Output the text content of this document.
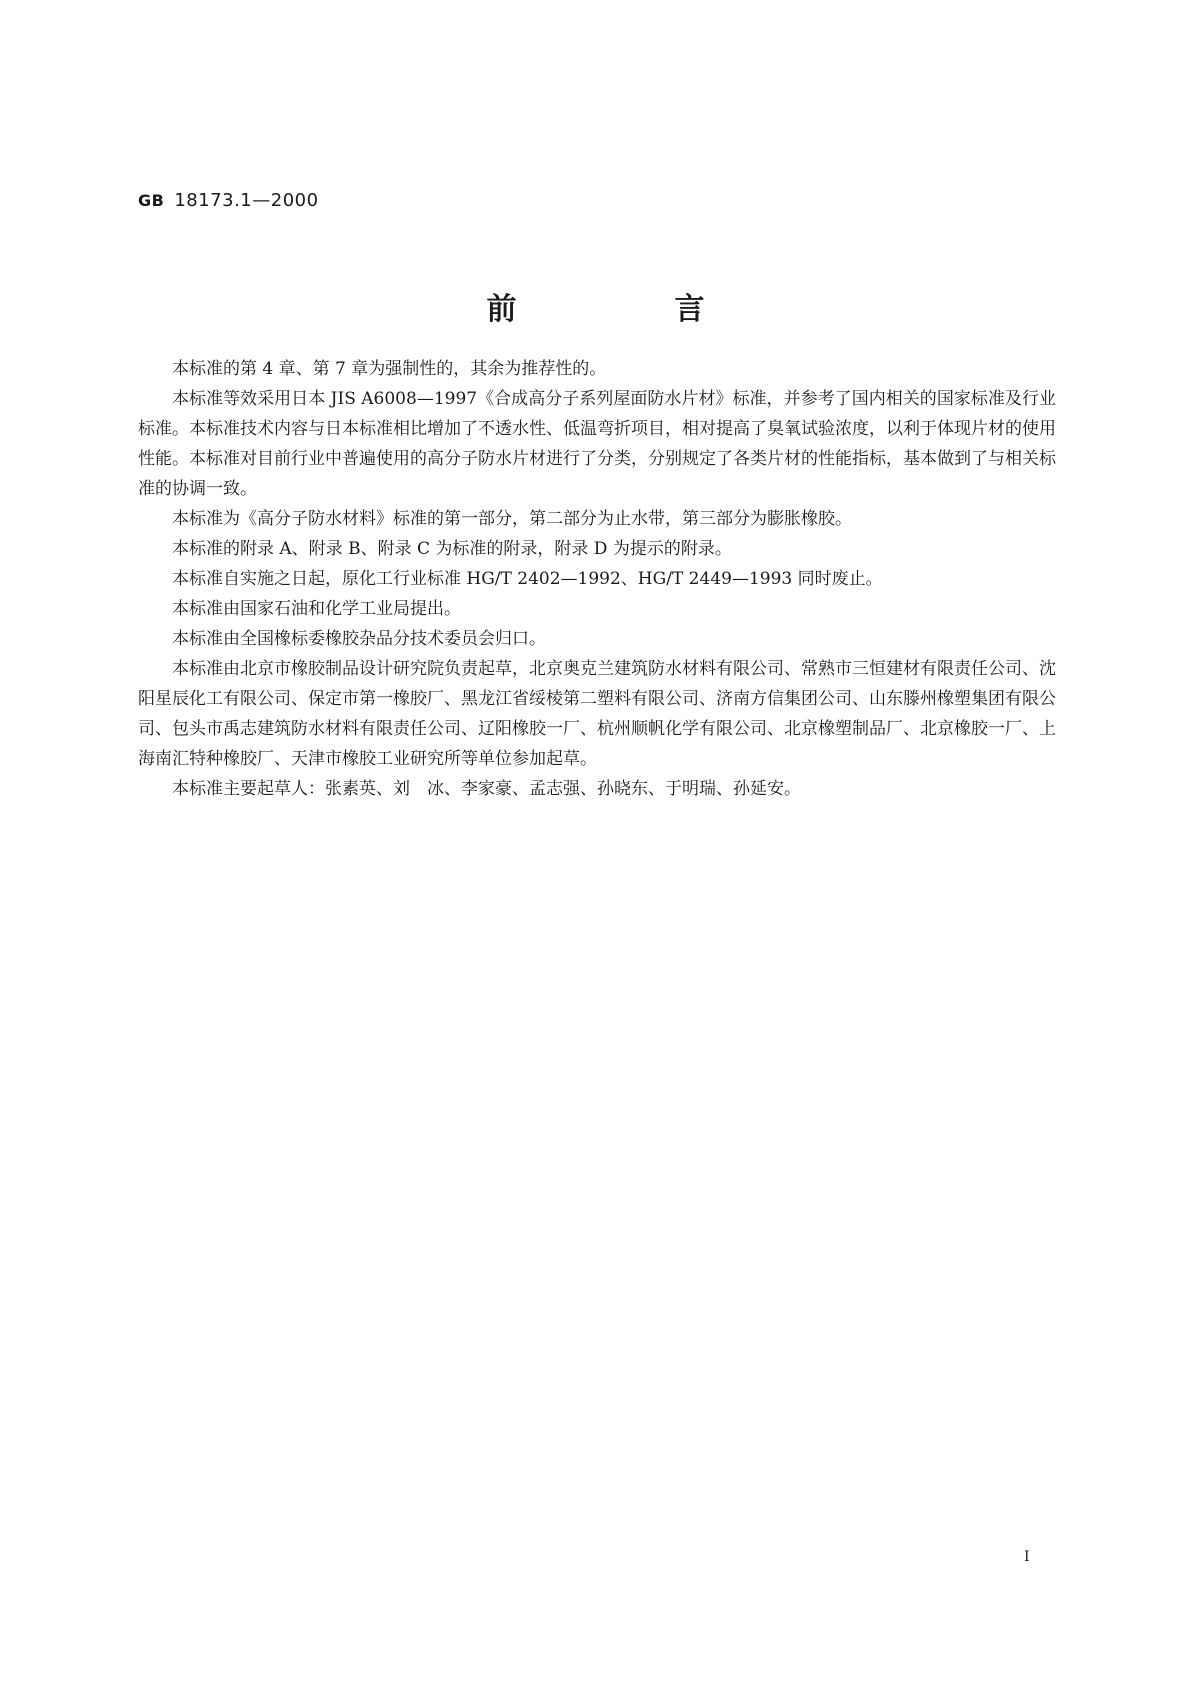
GB 18173.1—2000
前　言

本标准的第 4 章、第 7 章为强制性的，其余为推荐性的。

本标准等效采用日本 JIS A6008—1997《合成高分子系列屋面防水片材》标准，并参考了国内相关的国家标准及行业标准。本标准技术内容与日本标准相比增加了不透水性、低温弯折项目，相对提高了臭氧试验浓度，以利于体现片材的使用性能。本标准对目前行业中普遍使用的高分子防水片材进行了分类，分别规定了各类片材的性能指标，基本做到了与相关标准的协调一致。

本标准为《高分子防水材料》标准的第一部分，第二部分为止水带，第三部分为膨胀橡胶。

本标准的附录 A、附录 B、附录 C 为标准的附录，附录 D 为提示的附录。

本标准自实施之日起，原化工行业标准 HG/T 2402—1992、HG/T 2449—1993 同时废止。

本标准由国家石油和化学工业局提出。

本标准由全国橡标委橡胶杂品分技术委员会归口。

本标准由北京市橡胶制品设计研究院负责起草，北京奥克兰建筑防水材料有限公司、常熟市三恒建材有限责任公司、沈阳星辰化工有限公司、保定市第一橡胶厂、黑龙江省绥棱第二塑料有限公司、济南方信集团公司、山东滕州橡塑集团有限公司、包头市禹志建筑防水材料有限责任公司、辽阳橡胶一厂、杭州顺帆化学有限公司、北京橡塑制品厂、北京橡胶一厂、上海南汇特种橡胶厂、天津市橡胶工业研究所等单位参加起草。

本标准主要起草人：张素英、刘　冰、李家豪、孟志强、孙晓东、于明瑞、孙延安。

I
